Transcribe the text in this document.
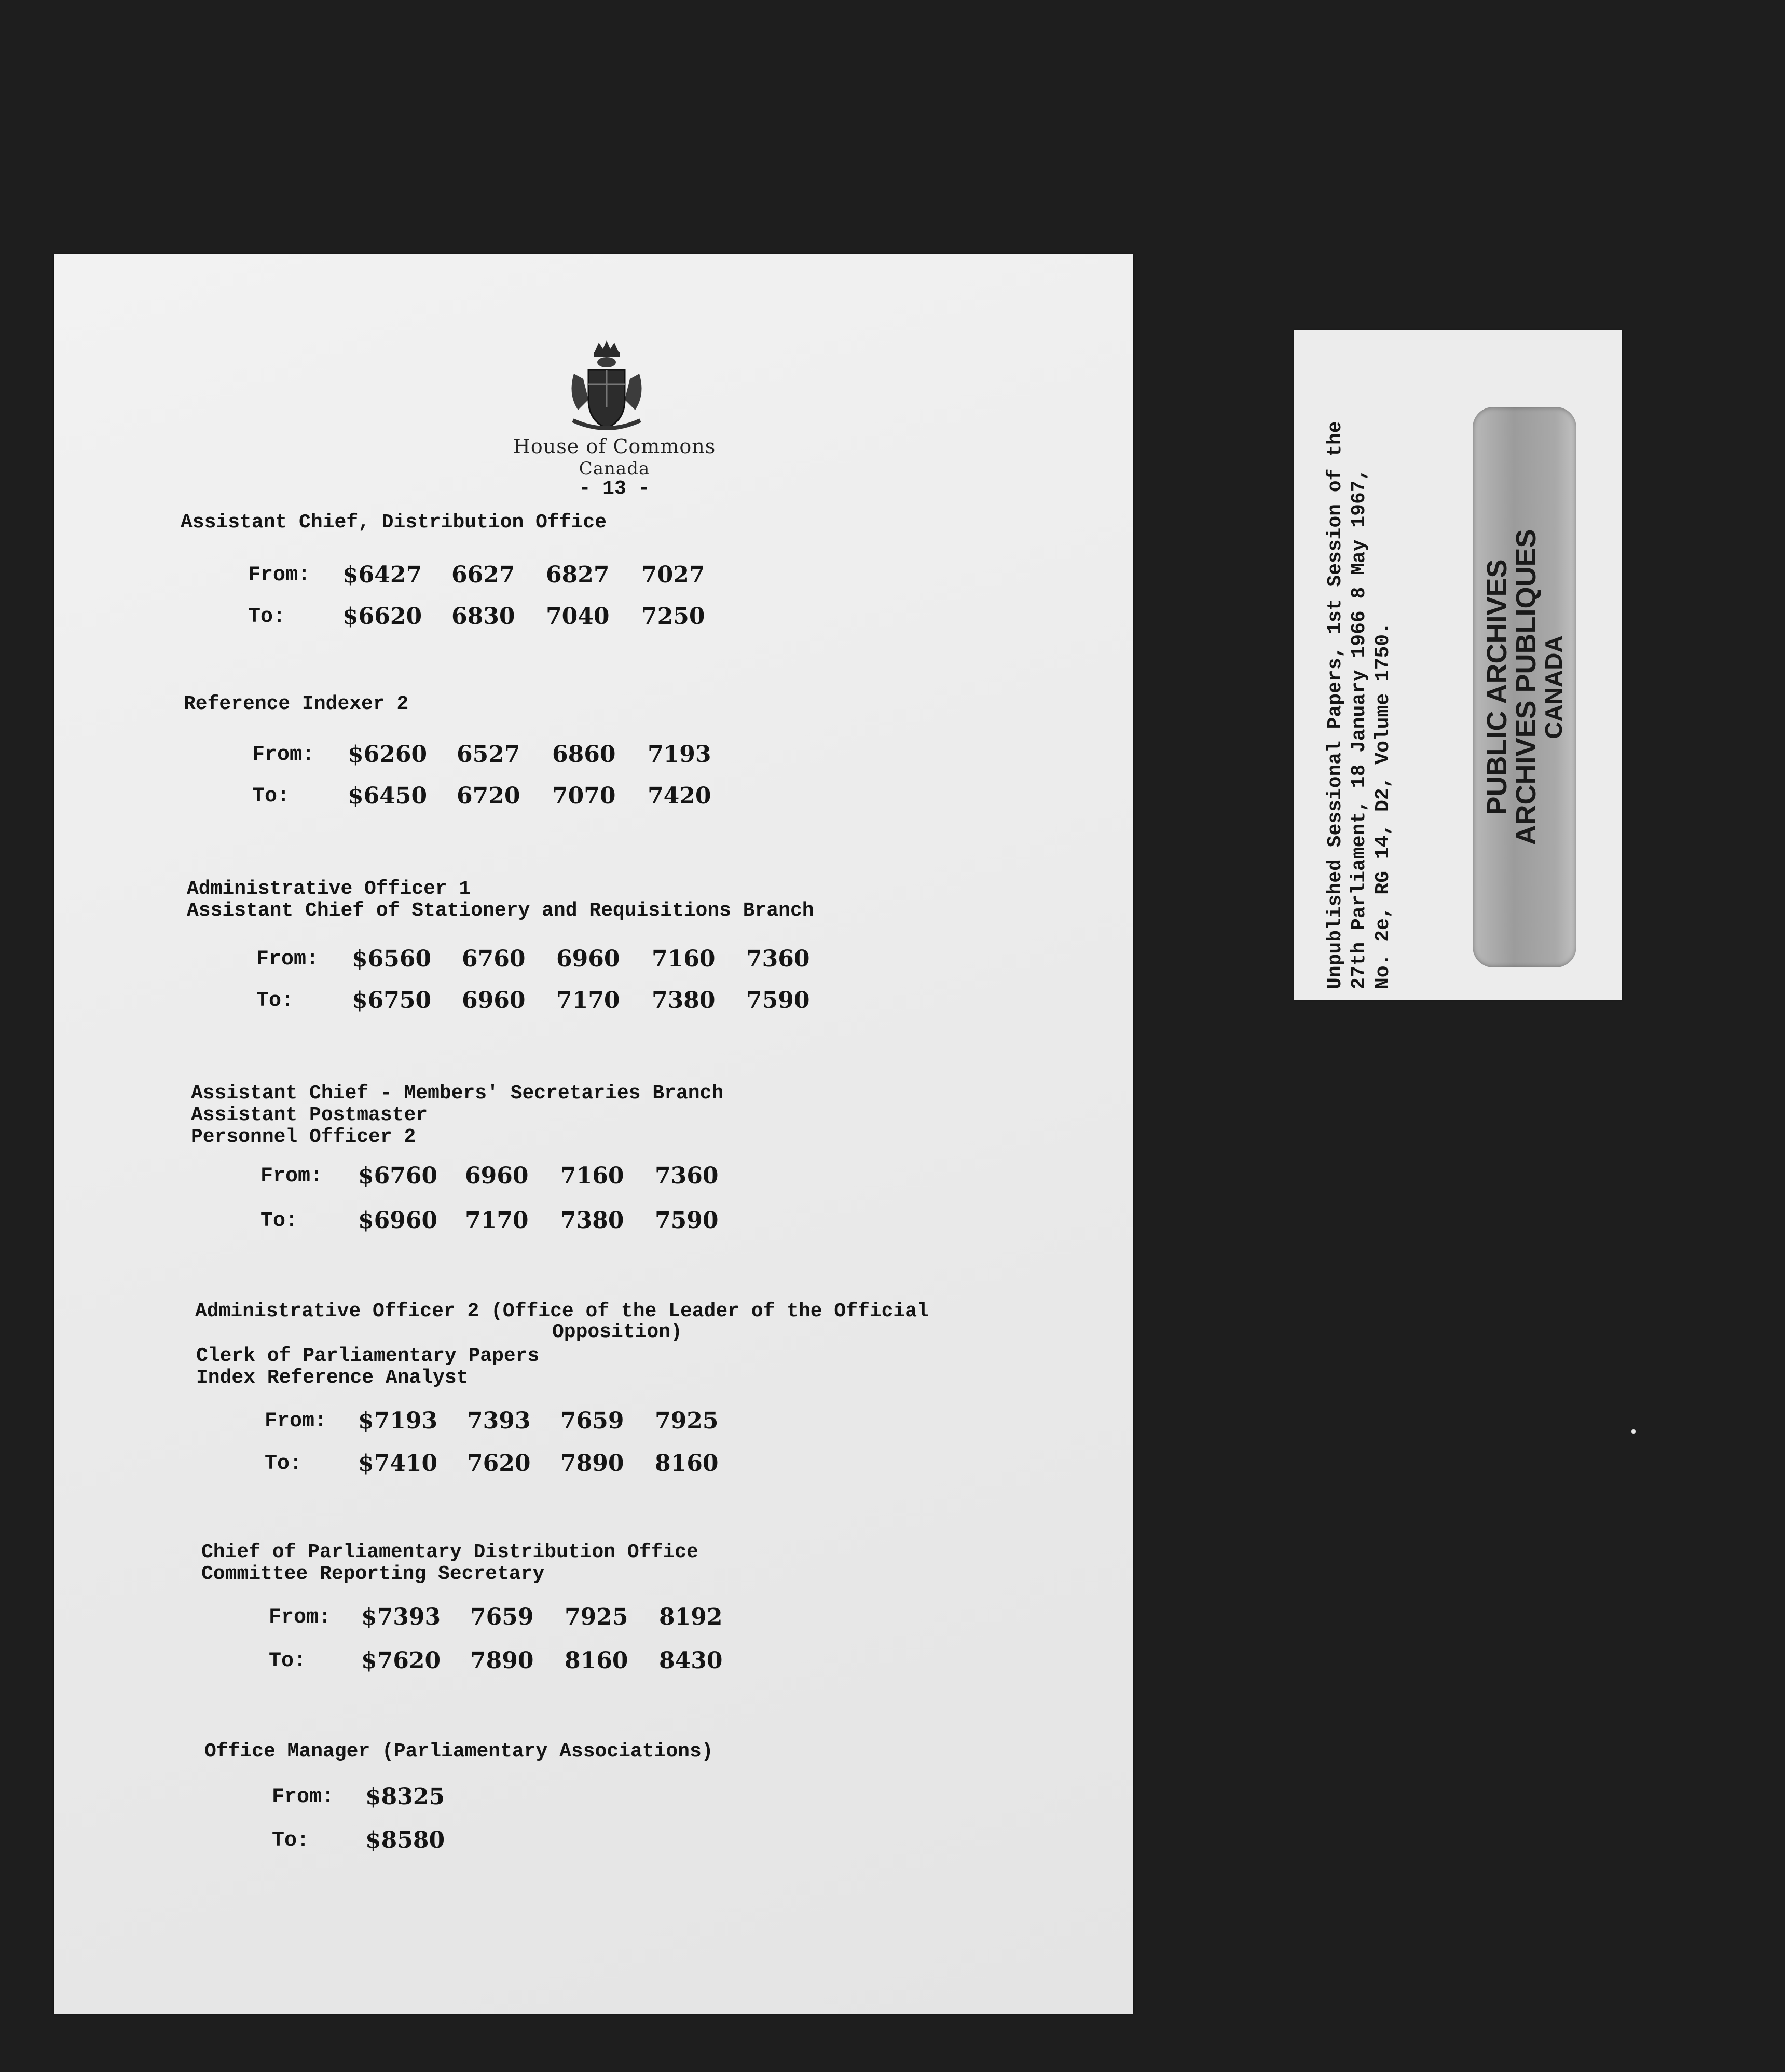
House of Commons
Canada
- 13 -
Assistant Chief, Distribution Office
From: $6427 6627 6827 7027
To: $6620 6830 7040 7250
Reference Indexer 2
From: $6260 6527 6860 7193
To:	$6450 6720 7070 7420
Administrative Officer 1
Assistant Chief of Stationery and Requisitions Branch
From: $6560 6760 6960 7160 7360
To:	$6750 6960 7170 7380 7590
Assistant Chief - Members' Secretaries Branch
Assistant Postmaster
Personnel Officer 2
From: $6760 6960 7160 7360
To:	$6960 7170 7380 7590
Administrative Officer 2 (Office of the Leader of the Official
Opposition)
Clerk of Parliamentary Papers
Index Reference Analyst
From: $7193 7393 7659 7925
To: $7410 7620 7890 8160
Chief of Parliamentary Distribution Office
Committee Reporting Secretary
From: $7393 7659 7925 8192
To: $7620 7890 8160 8430
Office Manager (Parliamentary Associations)
From: $8325
To: $8580
Unpublished Sessional Papers, 1st Session of the 27th Parliament, 18 January 1966 8 May 1967, No. 2e, RG 14, D2, Volume 1750.	PUBLIC ARCHIVES
ARCHIVES PUBLIQUES
CANADA
